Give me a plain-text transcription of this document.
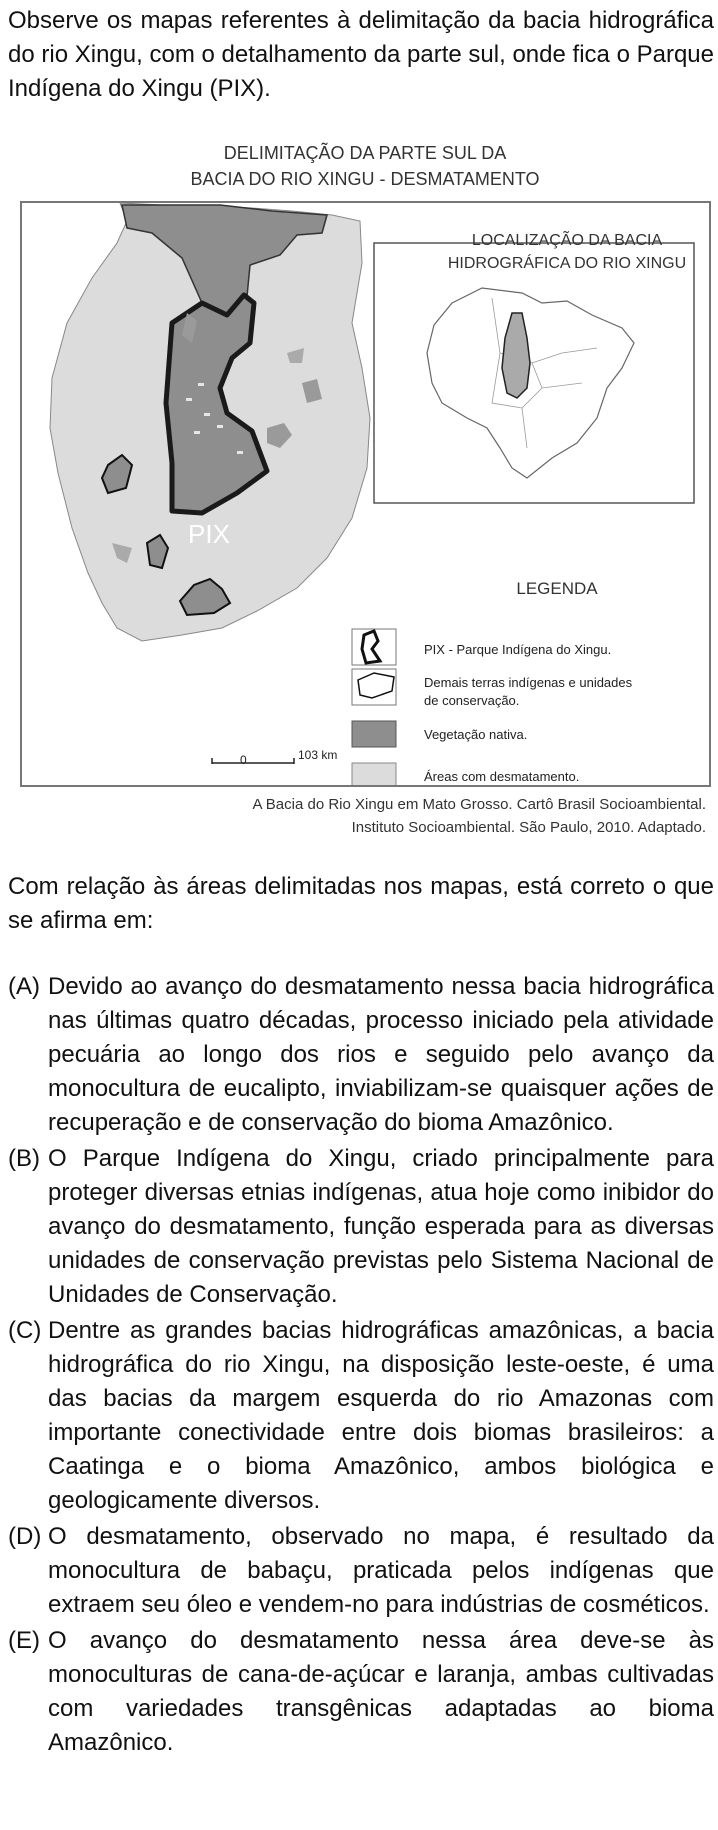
Observe os mapas referentes à delimitação da bacia hidrográfica do rio Xingu, com o detalhamento da parte sul, onde fica o Parque Indígena do Xingu (PIX).
DELIMITAÇÃO DA PARTE SUL DA
BACIA DO RIO XINGU - DESMATAMENTO
PIX
LOCALIZAÇÃO DA BACIA
HIDROGRÁFICA DO RIO XINGU
LEGENDA
PIX - Parque Indígena do Xingu.
Demais terras indígenas e unidades
de conservação.
Vegetação nativa.
Áreas com desmatamento.
0	103 km
A Bacia do Rio Xingu em Mato Grosso. Cartô Brasil Socioambiental.
Instituto Socioambiental. São Paulo, 2010. Adaptado.
Com relação às áreas delimitadas nos mapas, está correto o que se afirma em:
(A) Devido ao avanço do desmatamento nessa bacia hidrográfica nas últimas quatro décadas, processo iniciado pela atividade pecuária ao longo dos rios e seguido pelo avanço da monocultura de eucalipto, inviabilizam-se quaisquer ações de recuperação e de conservação do bioma Amazônico.
(B) O Parque Indígena do Xingu, criado principalmente para proteger diversas etnias indígenas, atua hoje como inibidor do avanço do desmatamento, função esperada para as diversas unidades de conservação previstas pelo Sistema Nacional de Unidades de Conservação.
(C) Dentre as grandes bacias hidrográficas amazônicas, a bacia hidrográfica do rio Xingu, na disposição leste-oeste, é uma das bacias da margem esquerda do rio Amazonas com importante conectividade entre dois biomas brasileiros: a Caatinga e o bioma Amazônico, ambos biológica e geologicamente diversos.
(D) O desmatamento, observado no mapa, é resultado da monocultura de babaçu, praticada pelos indígenas que extraem seu óleo e vendem-no para indústrias de cosméticos.
(E) O avanço do desmatamento nessa área deve-se às monoculturas de cana-de-açúcar e laranja, ambas cultivadas com variedades transgênicas adaptadas ao bioma Amazônico.
